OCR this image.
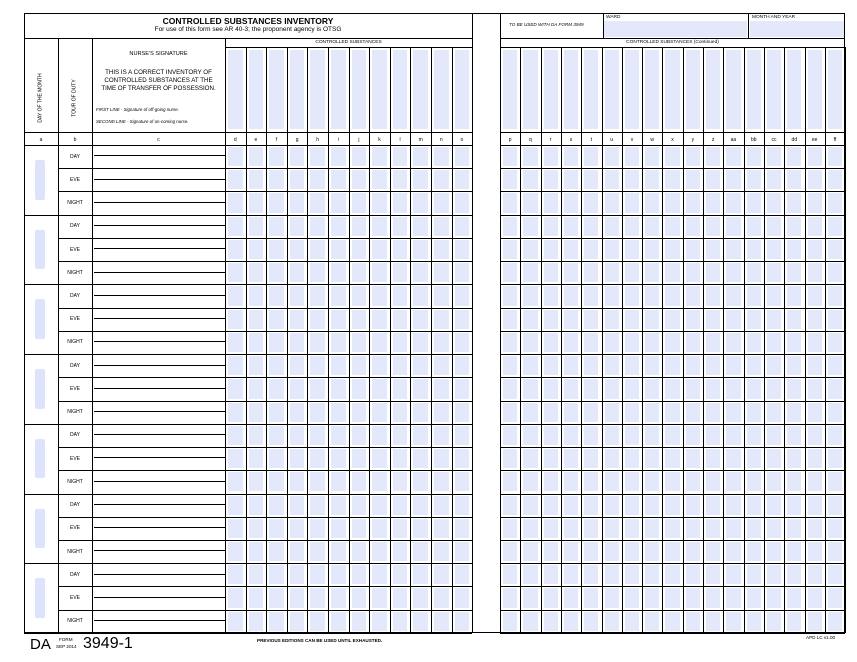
CONTROLLED SUBSTANCES INVENTORY
For use of this form see AR 40-3; the proponent agency is OTSG
TO BE USED WITH DA FORM 3949
WARD	MONTH AND YEAR
CONTROLLED SUBSTANCES	CONTROLLED SUBSTANCES (Continued)
DAY OF THE MONTH	TOUR OF DUTY
NURSE'S SIGNATURE
THIS IS A CORRECT INVENTORY OF
CONTROLLED SUBSTANCES AT THE
TIME OF TRANSFER OF POSSESSION.
FIRST LINE - Signature of off-going nurse.
SECOND LINE - Signature of on-coming nurse.
a	b	c	d	e	f	g	h	i	j	k	l	m	n	o	p	q	r	s	t	u	v	w	x	y	z	aa	bb	cc	dd	ee	ff
DAY
EVE
NIGHT
DAY
EVE
NIGHT
DAY
EVE
NIGHT
DAY
EVE
NIGHT
DAY
EVE
NIGHT
DAY
EVE
NIGHT
DAY
EVE
NIGHT
DA FORM
SEP 2014 3949-1	PREVIOUS EDITIONS CAN BE USED UNTIL EXHAUSTED.
APD LC v1.00
